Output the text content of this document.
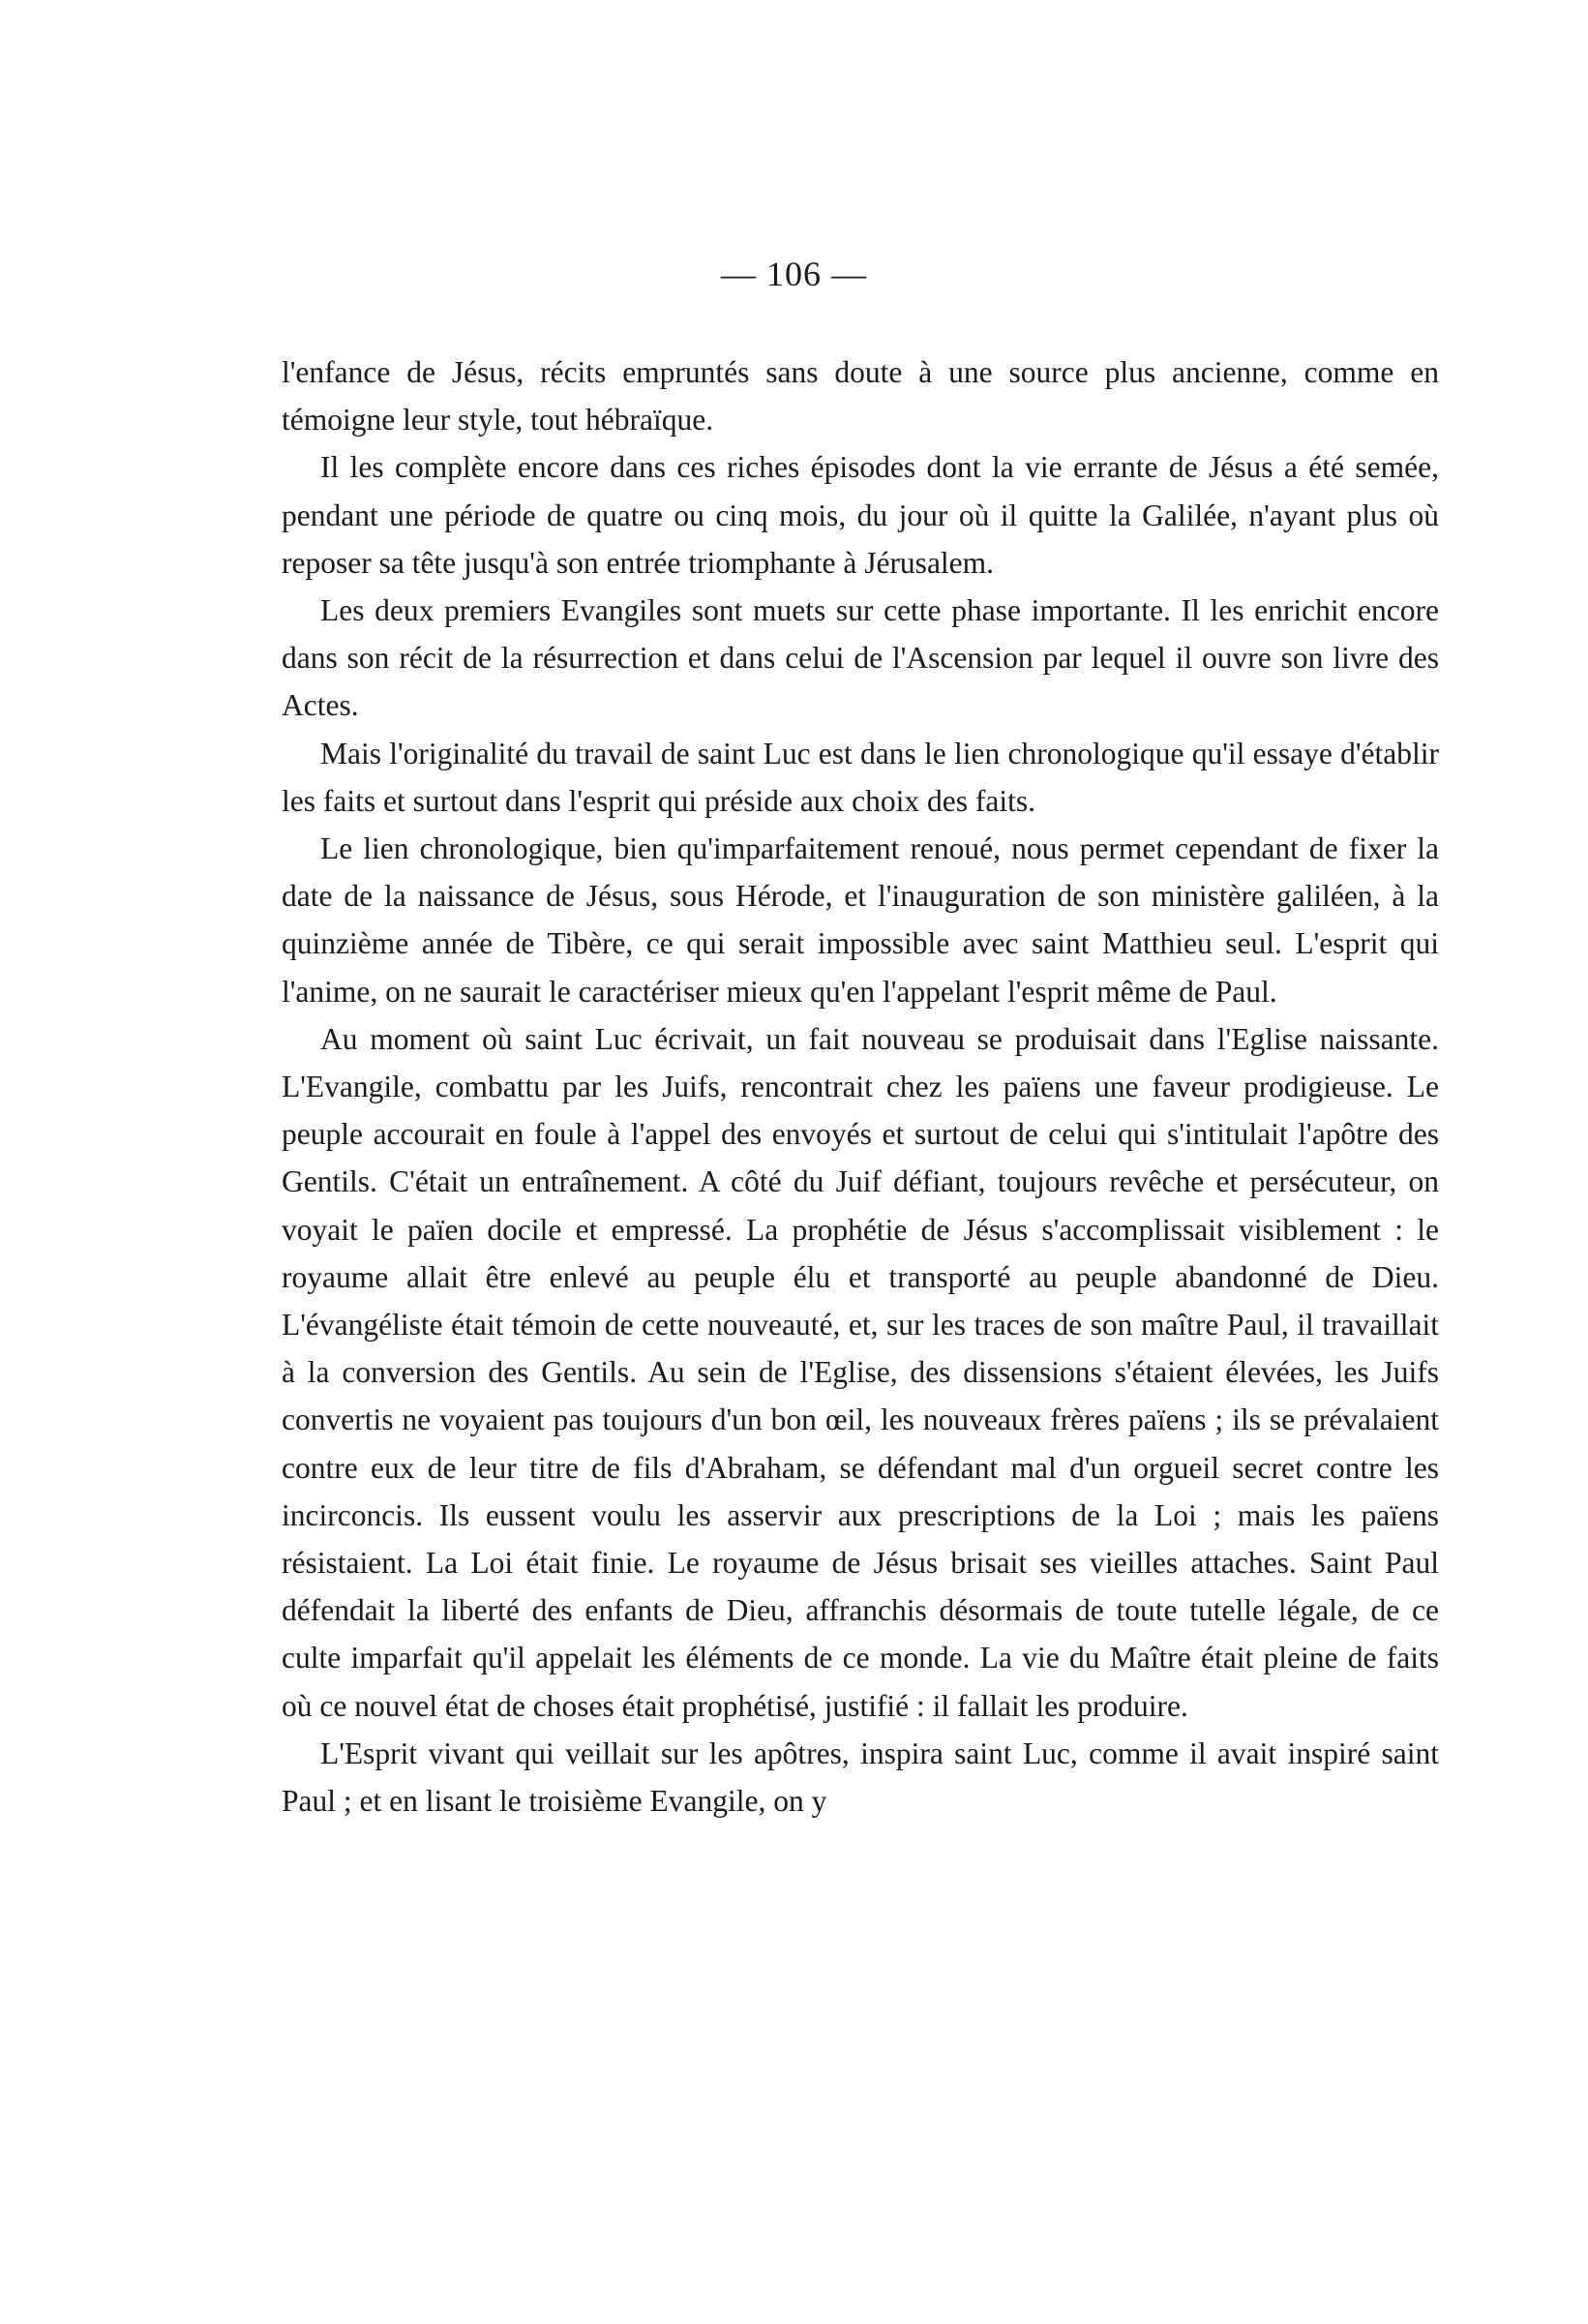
— 106 —

l'enfance de Jésus, récits empruntés sans doute à une source plus ancienne, comme en témoigne leur style, tout hébraïque.

Il les complète encore dans ces riches épisodes dont la vie errante de Jésus a été semée, pendant une période de quatre ou cinq mois, du jour où il quitte la Galilée, n'ayant plus où reposer sa tête jusqu'à son entrée triomphante à Jérusalem.

Les deux premiers Evangiles sont muets sur cette phase importante. Il les enrichit encore dans son récit de la résurrection et dans celui de l'Ascension par lequel il ouvre son livre des Actes.

Mais l'originalité du travail de saint Luc est dans le lien chronologique qu'il essaye d'établir les faits et surtout dans l'esprit qui préside aux choix des faits.

Le lien chronologique, bien qu'imparfaitement renoué, nous permet cependant de fixer la date de la naissance de Jésus, sous Hérode, et l'inauguration de son ministère galiléen, à la quinzième année de Tibère, ce qui serait impossible avec saint Matthieu seul. L'esprit qui l'anime, on ne saurait le caractériser mieux qu'en l'appelant l'esprit même de Paul.

Au moment où saint Luc écrivait, un fait nouveau se produisait dans l'Eglise naissante. L'Evangile, combattu par les Juifs, rencontrait chez les païens une faveur prodigieuse. Le peuple accourait en foule à l'appel des envoyés et surtout de celui qui s'intitulait l'apôtre des Gentils. C'était un entraînement. A côté du Juif défiant, toujours revêche et persécuteur, on voyait le païen docile et empressé. La prophétie de Jésus s'accomplissait visiblement : le royaume allait être enlevé au peuple élu et transporté au peuple abandonné de Dieu. L'évangéliste était témoin de cette nouveauté, et, sur les traces de son maître Paul, il travaillait à la conversion des Gentils. Au sein de l'Eglise, des dissensions s'étaient élevées, les Juifs convertis ne voyaient pas toujours d'un bon œil, les nouveaux frères païens ; ils se prévalaient contre eux de leur titre de fils d'Abraham, se défendant mal d'un orgueil secret contre les incirconcis. Ils eussent voulu les asservir aux prescriptions de la Loi ; mais les païens résistaient. La Loi était finie. Le royaume de Jésus brisait ses vieilles attaches. Saint Paul défendait la liberté des enfants de Dieu, affranchis désormais de toute tutelle légale, de ce culte imparfait qu'il appelait les éléments de ce monde. La vie du Maître était pleine de faits où ce nouvel état de choses était prophétisé, justifié : il fallait les produire.

L'Esprit vivant qui veillait sur les apôtres, inspira saint Luc, comme il avait inspiré saint Paul ; et en lisant le troisième Evangile, on y
